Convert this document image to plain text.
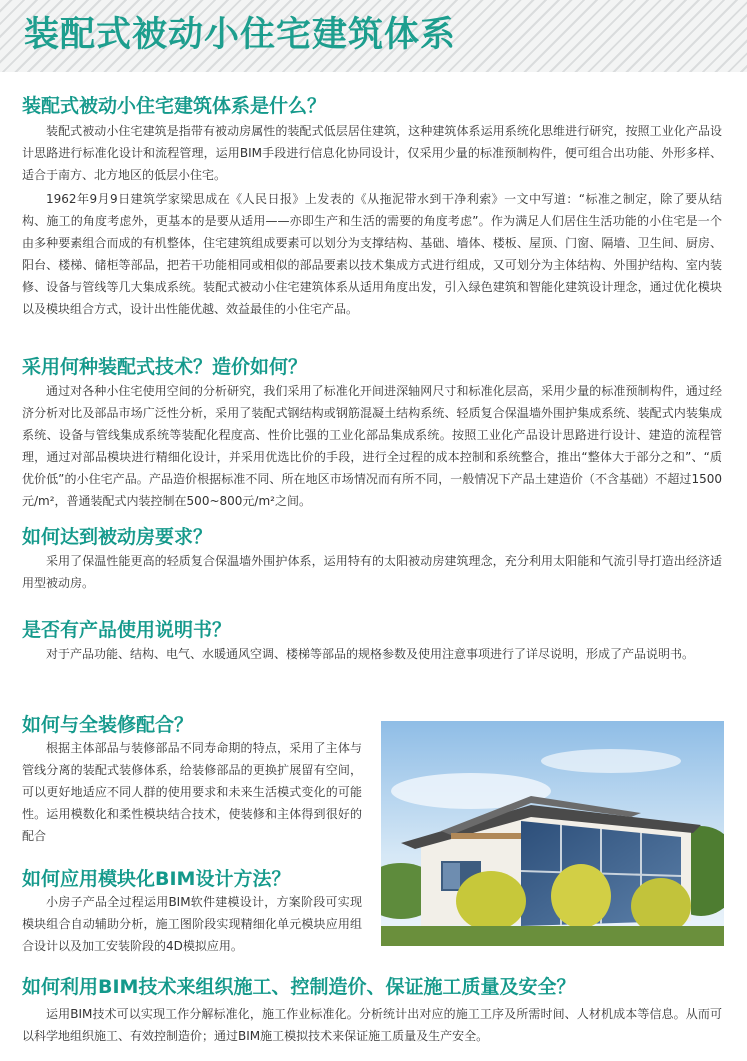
装配式被动小住宅建筑体系
装配式被动小住宅建筑体系是什么？

装配式被动小住宅建筑是指带有被动房属性的装配式低层居住建筑，这种建筑体系运用系统化思维进行研究，按照工业化产品设计思路进行标准化设计和流程管理，运用BIM手段进行信息化协同设计，仅采用少量的标准预制构件，便可组合出功能、外形多样、适合于南方、北方地区的低层小住宅。

1962年9月9日建筑学家梁思成在《人民日报》上发表的《从拖泥带水到干净利索》一文中写道：“标准之制定，除了要从结构、施工的角度考虑外，更基本的是要从适用——亦即生产和生活的需要的角度考虑”。作为满足人们居住生活功能的小住宅是一个由多种要素组合而成的有机整体，住宅建筑组成要素可以划分为支撑结构、基础、墙体、楼板、屋顶、门窗、隔墙、卫生间、厨房、阳台、楼梯、储柜等部品，把若干功能相同或相似的部品要素以技术集成方式进行组成，又可划分为主体结构、外围护结构、室内装修、设备与管线等几大集成系统。装配式被动小住宅建筑体系从适用角度出发，引入绿色建筑和智能化建筑设计理念，通过优化模块以及模块组合方式，设计出性能优越、效益最佳的小住宅产品。

采用何种装配式技术？造价如何？

通过对各种小住宅使用空间的分析研究，我们采用了标准化开间进深轴网尺寸和标准化层高，采用少量的标准预制构件，通过经济分析对比及部品市场广泛性分析，采用了装配式钢结构或钢筋混凝土结构系统、轻质复合保温墙外围护集成系统、装配式内装集成系统、设备与管线集成系统等装配化程度高、性价比强的工业化部品集成系统。按照工业化产品设计思路进行设计、建造的流程管理，通过对部品模块进行精细化设计，并采用优选比价的手段，进行全过程的成本控制和系统整合，推出“整体大于部分之和”、“质优价低”的小住宅产品。产品造价根据标准不同、所在地区市场情况而有所不同，一般情况下产品土建造价（不含基础）不超过1500元/m²，普通装配式内装控制在500~800元/m²之间。

如何达到被动房要求？

采用了保温性能更高的轻质复合保温墙外围护体系，运用特有的太阳被动房建筑理念，充分利用太阳能和气流引导打造出经济适用型被动房。

是否有产品使用说明书？

对于产品功能、结构、电气、水暖通风空调、楼梯等部品的规格参数及使用注意事项进行了详尽说明，形成了产品说明书。

如何与全装修配合？

根据主体部品与装修部品不同寿命期的特点，采用了主体与管线分离的装配式装修体系，给装修部品的更换扩展留有空间，可以更好地适应不同人群的使用要求和未来生活模式变化的可能性。运用模数化和柔性模块结合技术，使装修和主体得到很好的配合

如何应用模块化BIM设计方法？

小房子产品全过程运用BIM软件建模设计，方案阶段可实现模块组合自动辅助分析，施工图阶段实现精细化单元模块应用组合设计以及加工安装阶段的4D模拟应用。

如何利用BIM技术来组织施工、控制造价、保证施工质量及安全？

运用BIM技术可以实现工作分解标准化，施工作业标准化。分析统计出对应的施工工序及所需时间、人材机成本等信息。从而可以科学地组织施工、有效控制造价；通过BIM施工模拟技术来保证施工质量及生产安全。
